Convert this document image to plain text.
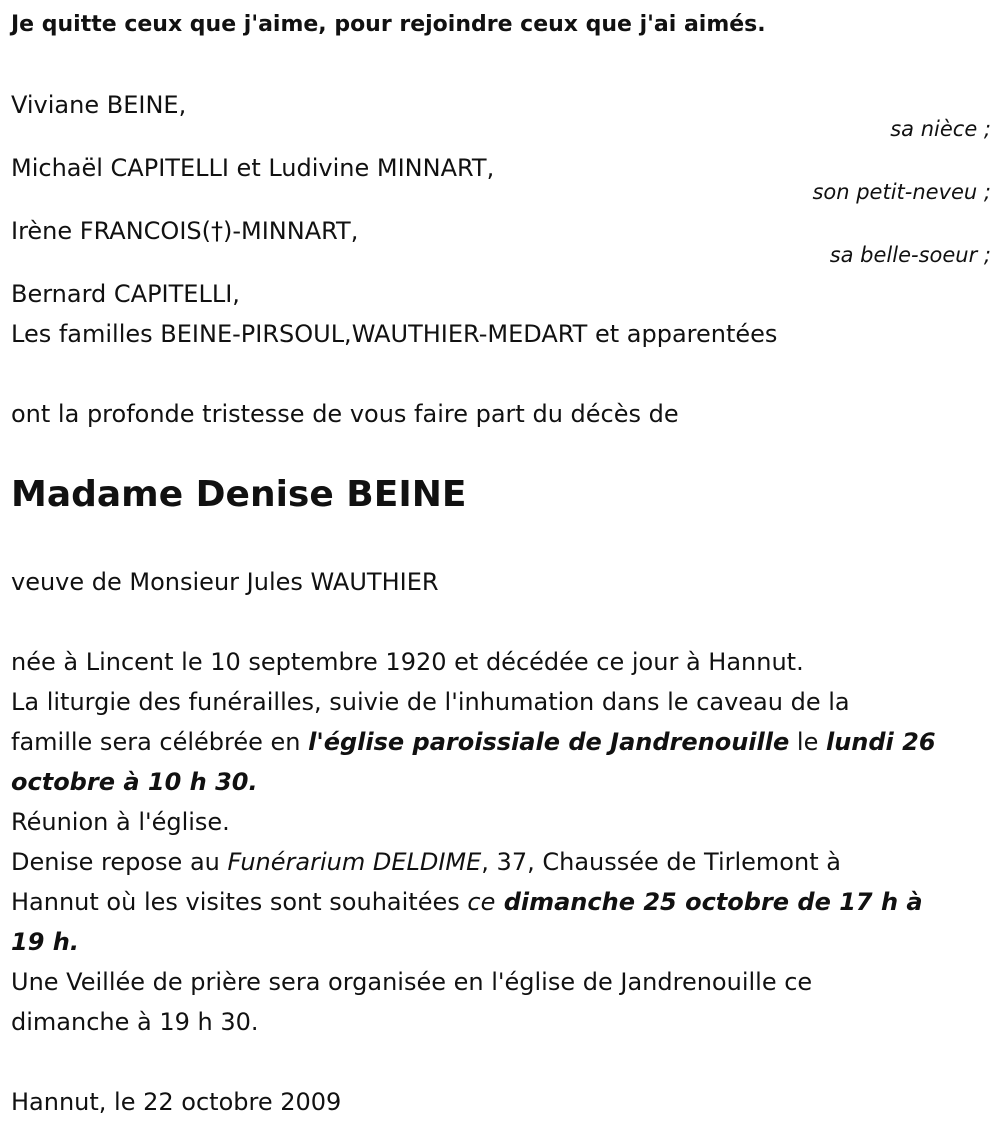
Je quitte ceux que j'aime, pour rejoindre ceux que j'ai aimés.
Viviane BEINE,
sa nièce ;
Michaël CAPITELLI et Ludivine MINNART,
son petit-neveu ;
Irène FRANCOIS(†)-MINNART,
sa belle-soeur ;
Bernard CAPITELLI,
Les familles BEINE-PIRSOUL,WAUTHIER-MEDART et apparentées
ont la profonde tristesse de vous faire part du décès de
Madame Denise BEINE
veuve de Monsieur Jules WAUTHIER
née à Lincent le 10 septembre 1920 et décédée ce jour à Hannut.
La liturgie des funérailles, suivie de l'inhumation dans le caveau de la
famille sera célébrée en l'église paroissiale de Jandrenouille le lundi 26
octobre à 10 h 30.
Réunion à l'église.
Denise repose au Funérarium DELDIME, 37, Chaussée de Tirlemont à
Hannut où les visites sont souhaitées ce dimanche 25 octobre de 17 h à
19 h.
Une Veillée de prière sera organisée en l'église de Jandrenouille ce
dimanche à 19 h 30.
Hannut, le 22 octobre 2009
